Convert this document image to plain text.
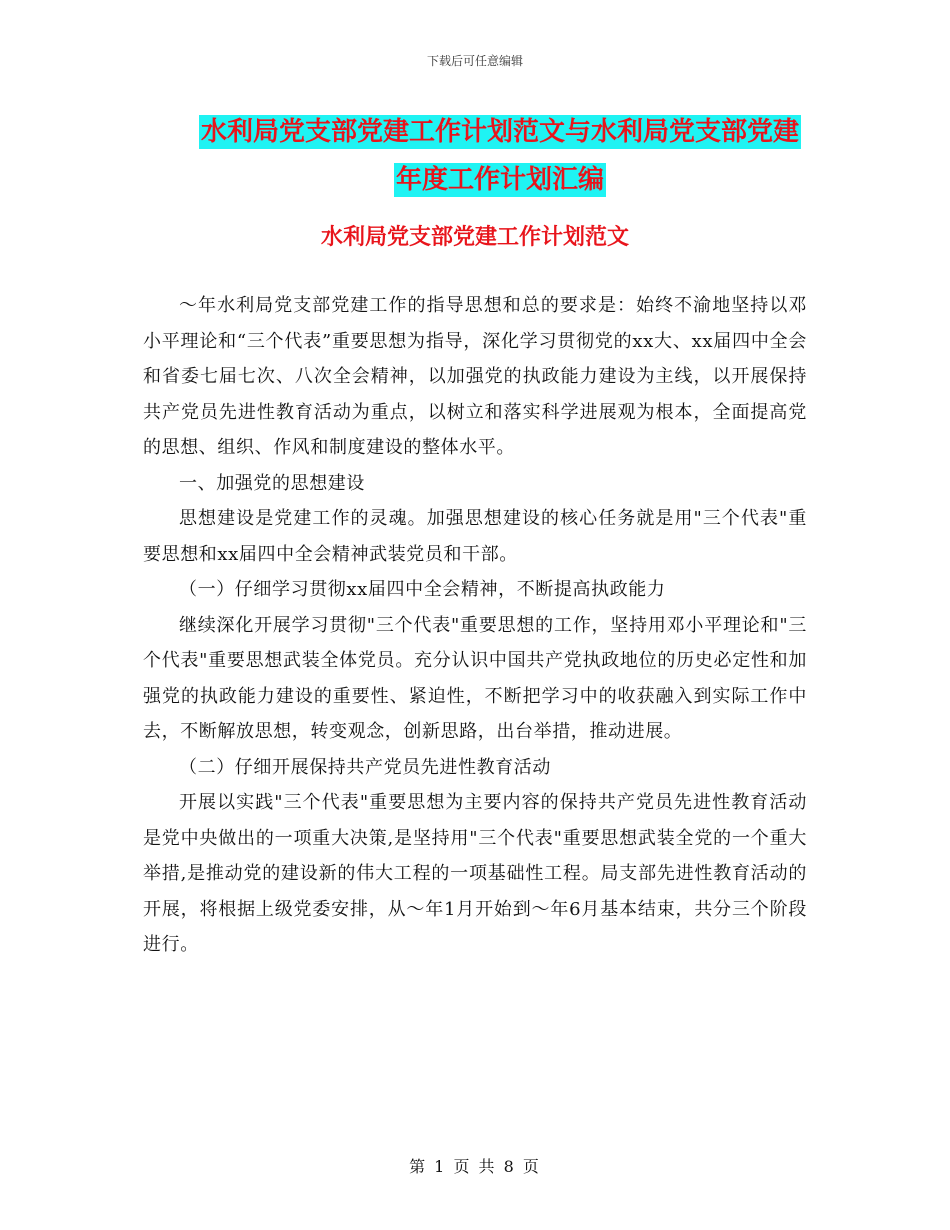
下载后可任意编辑
水利局党支部党建工作计划范文与水利局党支部党建
年度工作计划汇编
水利局党支部党建工作计划范文

～年水利局党支部党建工作的指导思想和总的要求是：始终不渝地坚持以邓小平理论和“三个代表”重要思想为指导，深化学习贯彻党的xx大、xx届四中全会和省委七届七次、八次全会精神，以加强党的执政能力建设为主线，以开展保持共产党员先进性教育活动为重点，以树立和落实科学进展观为根本，全面提高党的思想、组织、作风和制度建设的整体水平。

一、加强党的思想建设

思想建设是党建工作的灵魂。加强思想建设的核心任务就是用"三个代表"重要思想和xx届四中全会精神武装党员和干部。

（一）仔细学习贯彻xx届四中全会精神，不断提高执政能力

继续深化开展学习贯彻"三个代表"重要思想的工作，坚持用邓小平理论和"三个代表"重要思想武装全体党员。充分认识中国共产党执政地位的历史必定性和加强党的执政能力建设的重要性、紧迫性，不断把学习中的收获融入到实际工作中去，不断解放思想，转变观念，创新思路，出台举措，推动进展。

（二）仔细开展保持共产党员先进性教育活动

开展以实践"三个代表"重要思想为主要内容的保持共产党员先进性教育活动是党中央做出的一项重大决策,是坚持用"三个代表"重要思想武装全党的一个重大举措,是推动党的建设新的伟大工程的一项基础性工程。局支部先进性教育活动的开展，将根据上级党委安排，从～年1月开始到～年6月基本结束，共分三个阶段进行。

第 1 页 共 8 页
